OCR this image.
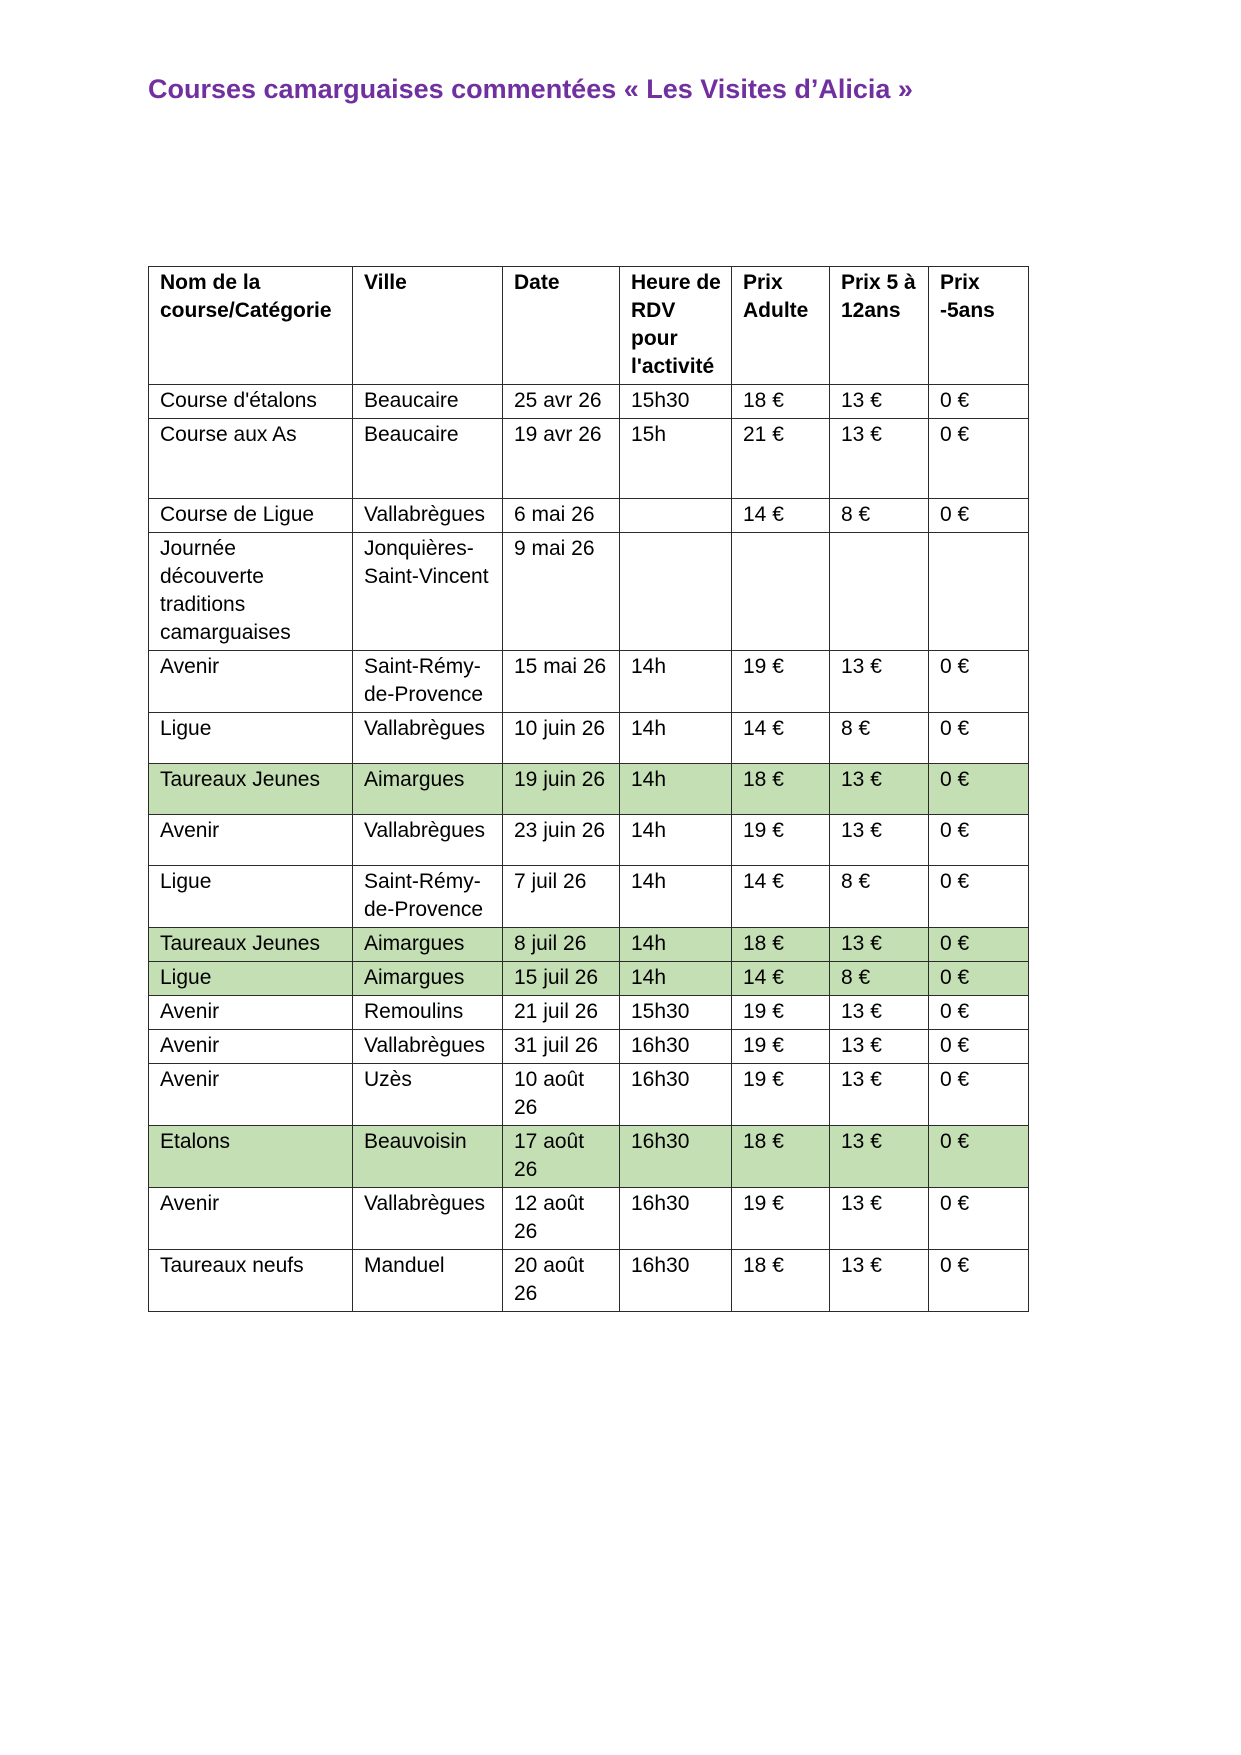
Courses camarguaises commentées « Les Visites d’Alicia »
Nom de la course/Catégorie	Ville	Date	Heure de RDV pour l'activité	Prix Adulte	Prix 5 à 12ans	Prix -5ans
Course d'étalons	Beaucaire	25 avr 26	15h30	18 €	13 €	0 €
Course aux As	Beaucaire	19 avr 26	15h	21 €	13 €	0 €
Course de Ligue	Vallabrègues	6 mai 26		14 €	8 €	0 €
Journée découverte traditions camarguaises	Jonquières-Saint-Vincent	9 mai 26				
Avenir	Saint-Rémy-de-Provence	15 mai 26	14h	19 €	13 €	0 €
Ligue	Vallabrègues	10 juin 26	14h	14 €	8 €	0 €
Taureaux Jeunes	Aimargues	19 juin 26	14h	18 €	13 €	0 €
Avenir	Vallabrègues	23 juin 26	14h	19 €	13 €	0 €
Ligue	Saint-Rémy-de-Provence	7 juil 26	14h	14 €	8 €	0 €
Taureaux Jeunes	Aimargues	8 juil 26	14h	18 €	13 €	0 €
Ligue	Aimargues	15 juil 26	14h	14 €	8 €	0 €
Avenir	Remoulins	21 juil 26	15h30	19 €	13 €	0 €
Avenir	Vallabrègues	31 juil 26	16h30	19 €	13 €	0 €
Avenir	Uzès	10 août 26	16h30	19 €	13 €	0 €
Etalons	Beauvoisin	17 août 26	16h30	18 €	13 €	0 €
Avenir	Vallabrègues	12 août 26	16h30	19 €	13 €	0 €
Taureaux neufs	Manduel	20 août 26	16h30	18 €	13 €	0 €
